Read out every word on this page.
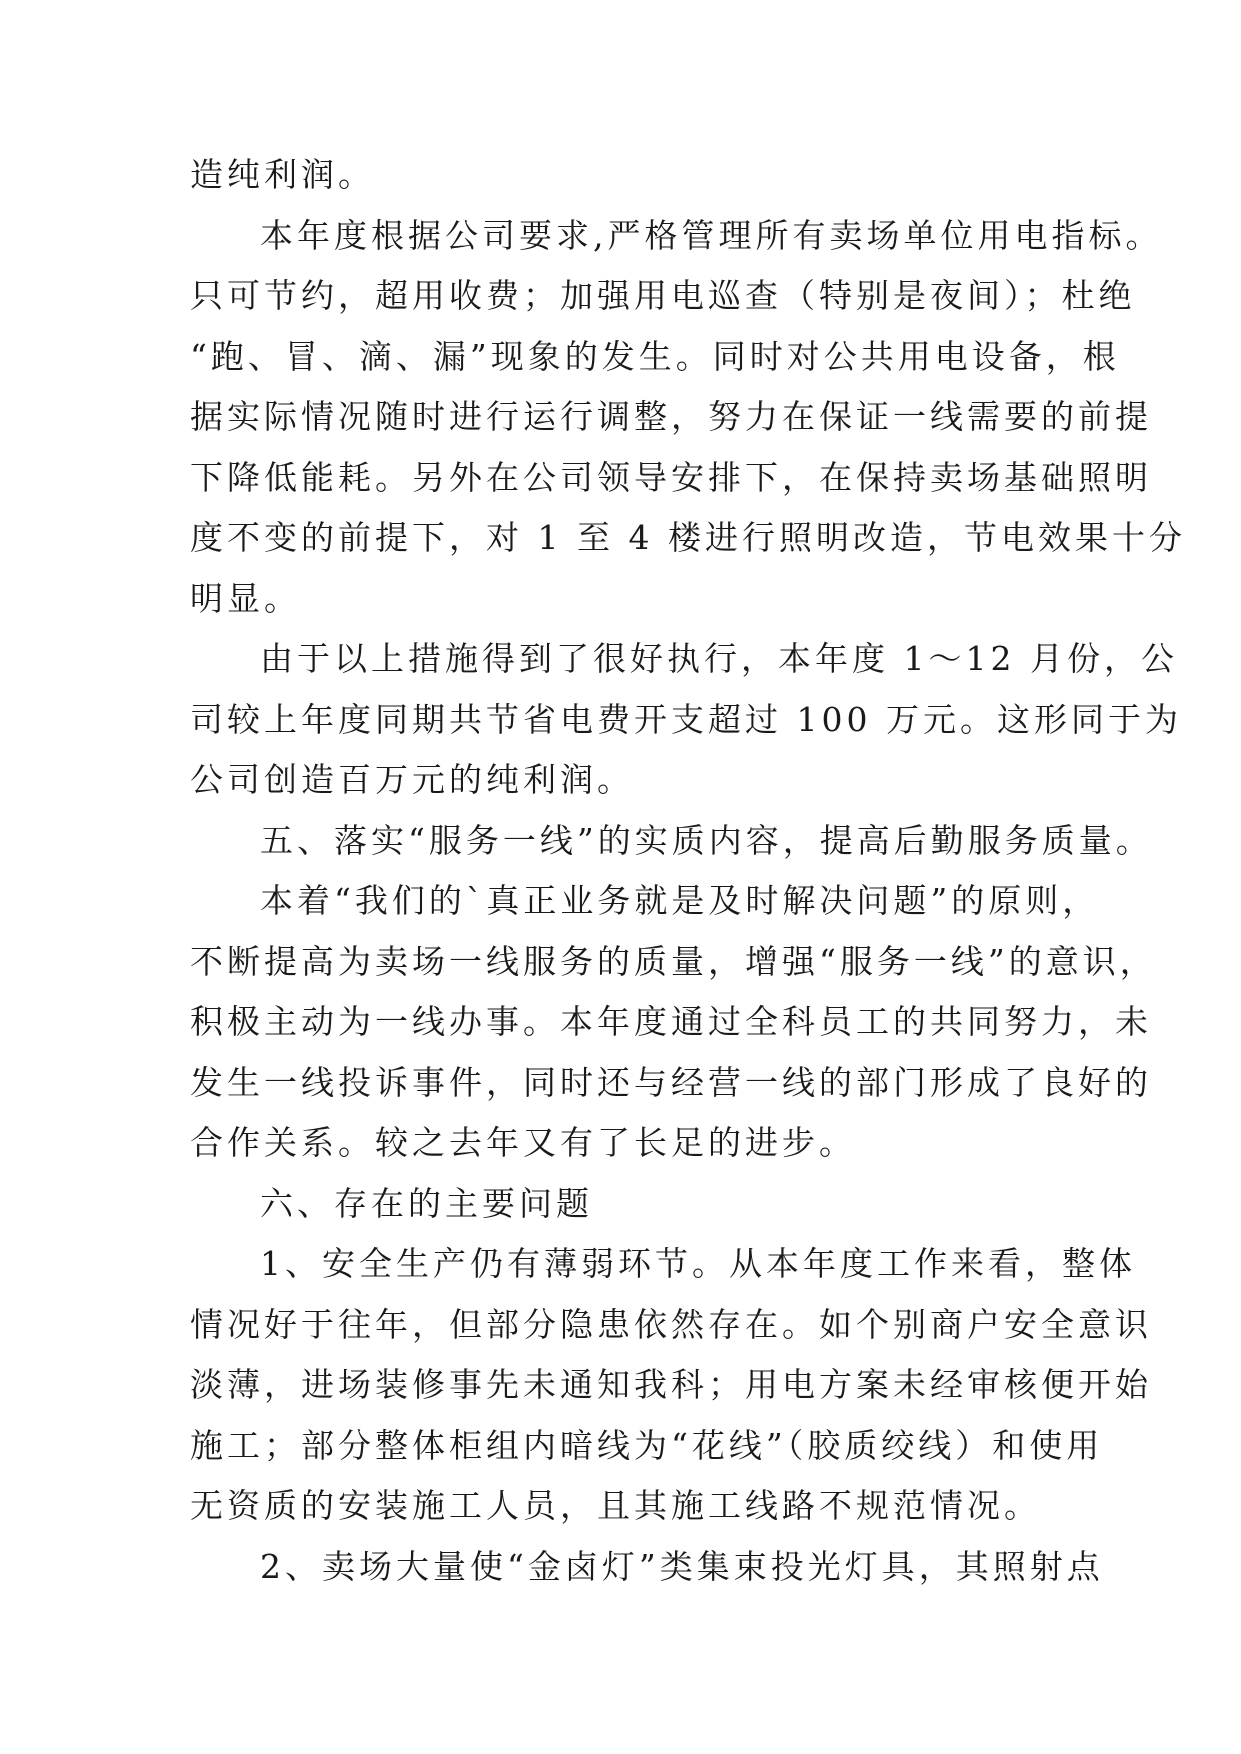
造纯利润。
本年度根据公司要求,严格管理所有卖场单位用电指标。
只可节约，超用收费；加强用电巡查（特别是夜间）；杜绝
“跑、冒、滴、漏”现象的发生。同时对公共用电设备，根
据实际情况随时进行运行调整，努力在保证一线需要的前提
下降低能耗。另外在公司领导安排下，在保持卖场基础照明
度不变的前提下，对 1 至 4 楼进行照明改造，节电效果十分
明显。
由于以上措施得到了很好执行，本年度 1～12 月份，公
司较上年度同期共节省电费开支超过 100 万元。这形同于为
公司创造百万元的纯利润。
五、落实“服务一线”的实质内容，提高后勤服务质量。
本着“我们的`真正业务就是及时解决问题”的原则，
不断提高为卖场一线服务的质量，增强“服务一线”的意识，
积极主动为一线办事。本年度通过全科员工的共同努力，未
发生一线投诉事件，同时还与经营一线的部门形成了良好的
合作关系。较之去年又有了长足的进步。
六、存在的主要问题
1、安全生产仍有薄弱环节。从本年度工作来看，整体
情况好于往年，但部分隐患依然存在。如个别商户安全意识
淡薄，进场装修事先未通知我科；用电方案未经审核便开始
施工；部分整体柜组内暗线为“花线”（胶质绞线）和使用
无资质的安装施工人员，且其施工线路不规范情况。
2、卖场大量使“金卤灯”类集束投光灯具，其照射点
